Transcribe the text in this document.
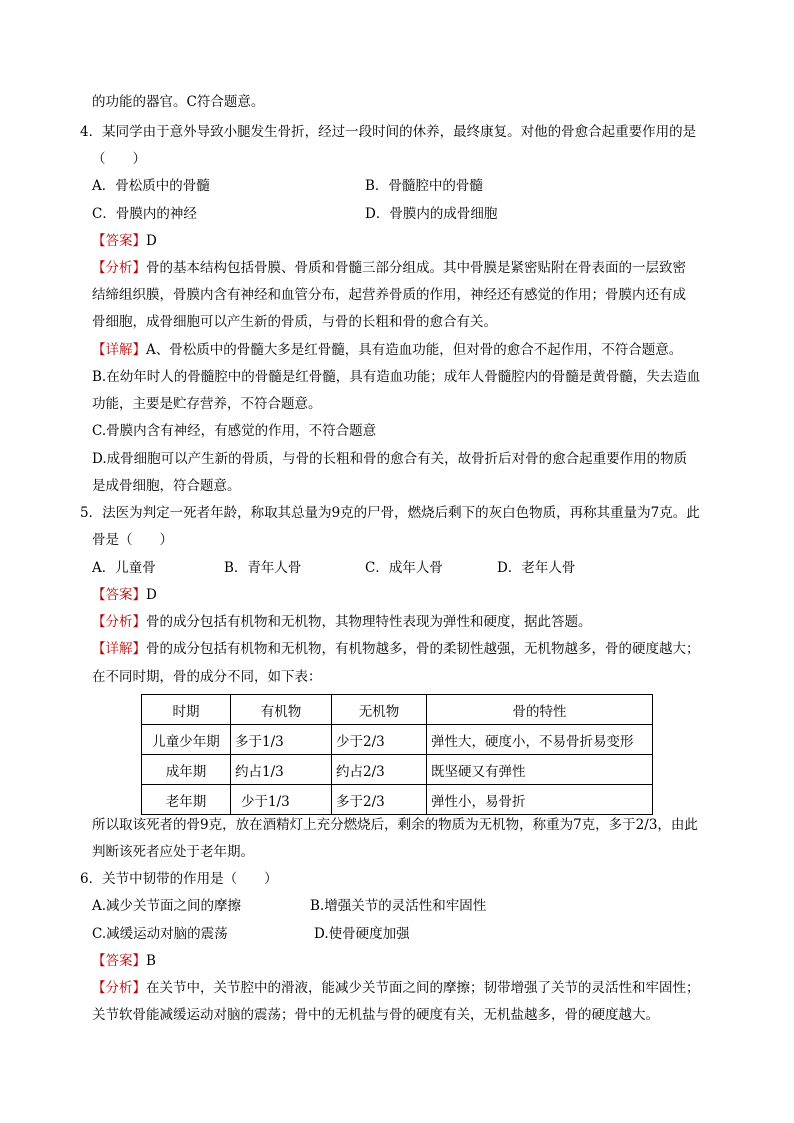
的功能的器官。C符合题意。
4．某同学由于意外导致小腿发生骨折，经过一段时间的休养，最终康复。对他的骨愈合起重要作用的是
（　　）
A．骨松质中的骨髓	B．骨髓腔中的骨髓
C．骨膜内的神经	D．骨膜内的成骨细胞
【答案】D
【分析】骨的基本结构包括骨膜、骨质和骨髓三部分组成。其中骨膜是紧密贴附在骨表面的一层致密
结缔组织膜，骨膜内含有神经和血管分布，起营养骨质的作用，神经还有感觉的作用；骨膜内还有成
骨细胞，成骨细胞可以产生新的骨质，与骨的长粗和骨的愈合有关。
【详解】A、骨松质中的骨髓大多是红骨髓，具有造血功能，但对骨的愈合不起作用，不符合题意。
B.在幼年时人的骨髓腔中的骨髓是红骨髓，具有造血功能；成年人骨髓腔内的骨髓是黄骨髓，失去造血
功能，主要是贮存营养，不符合题意。
C.骨膜内含有神经，有感觉的作用，不符合题意
D.成骨细胞可以产生新的骨质，与骨的长粗和骨的愈合有关，故骨折后对骨的愈合起重要作用的物质
是成骨细胞，符合题意。
5．法医为判定一死者年龄，称取其总量为9克的尸骨，燃烧后剩下的灰白色物质，再称其重量为7克。此
骨是（　　）
A．儿童骨	B．青年人骨	C．成年人骨	D．老年人骨
【答案】D
【分析】骨的成分包括有机物和无机物，其物理特性表现为弹性和硬度，据此答题。
【详解】骨的成分包括有机物和无机物，有机物越多，骨的柔韧性越强，无机物越多，骨的硬度越大；
在不同时期，骨的成分不同，如下表：
时期	有机物	无机物	骨的特性
儿童少年期	多于1/3	少于2/3	弹性大，硬度小，不易骨折易变形
成年期	约占1/3	约占2/3	既坚硬又有弹性
老年期	少于1/3	多于2/3	弹性小，易骨折
所以取该死者的骨9克，放在酒精灯上充分燃烧后，剩余的物质为无机物，称重为7克，多于2/3，由此
判断该死者应处于老年期。
6．关节中韧带的作用是（　　）
A.减少关节面之间的摩擦	B.增强关节的灵活性和牢固性
C.减缓运动对脑的震荡	D.使骨硬度加强
【答案】B
【分析】在关节中，关节腔中的滑液，能减少关节面之间的摩擦；韧带增强了关节的灵活性和牢固性；
关节软骨能减缓运动对脑的震荡；骨中的无机盐与骨的硬度有关，无机盐越多，骨的硬度越大。
